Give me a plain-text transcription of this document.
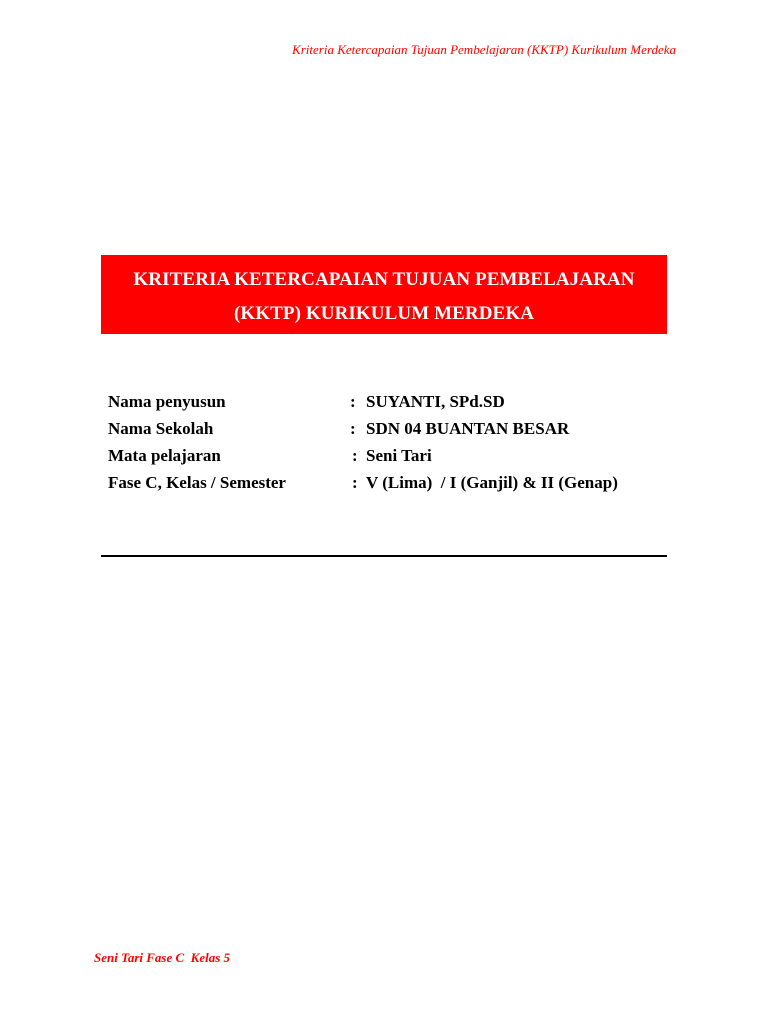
Kriteria Ketercapaian Tujuan Pembelajaran (KKTP) Kurikulum Merdeka
KRITERIA KETERCAPAIAN TUJUAN PEMBELAJARAN
(KKTP) KURIKULUM MERDEKA
Nama penyusun	: SUYANTI, SPd.SD
Nama Sekolah	: SDN 04 BUANTAN BESAR
Mata pelajaran	: Seni Tari
Fase C, Kelas / Semester	: V (Lima)  / I (Ganjil) & II (Genap)
Seni Tari Fase C  Kelas 5
